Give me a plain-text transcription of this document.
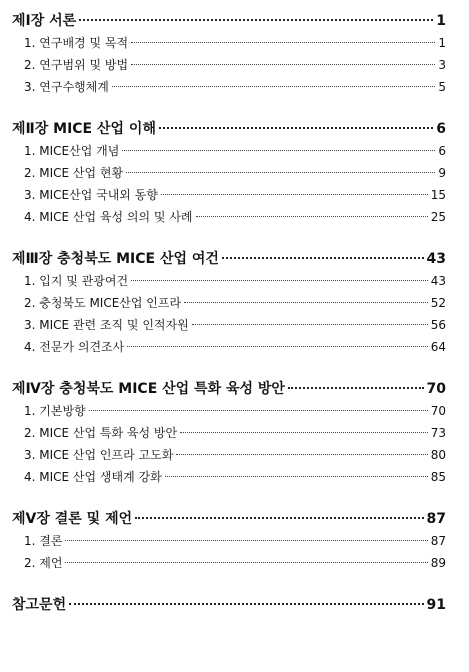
제Ⅰ장 서론	1
1. 연구배경 및 목적	1
2. 연구범위 및 방법	3
3. 연구수행체계	5
제Ⅱ장 MICE 산업 이해	6
1. MICE산업 개념	6
2. MICE 산업 현황	9
3. MICE산업 국내외 동향	15
4. MICE 산업 육성 의의 및 사례	25
제Ⅲ장 충청북도 MICE 산업 여건	43
1. 입지 및 관광여건	43
2. 충청북도 MICE산업 인프라	52
3. MICE 관련 조직 및 인적자원	56
4. 전문가 의견조사	64
제Ⅳ장 충청북도 MICE 산업 특화 육성 방안	70
1. 기본방향	70
2. MICE 산업 특화 육성 방안	73
3. MICE 산업 인프라 고도화	80
4. MICE 산업 생태계 강화	85
제Ⅴ장 결론 및 제언	87
1. 결론	87
2. 제언	89
참고문헌	91
